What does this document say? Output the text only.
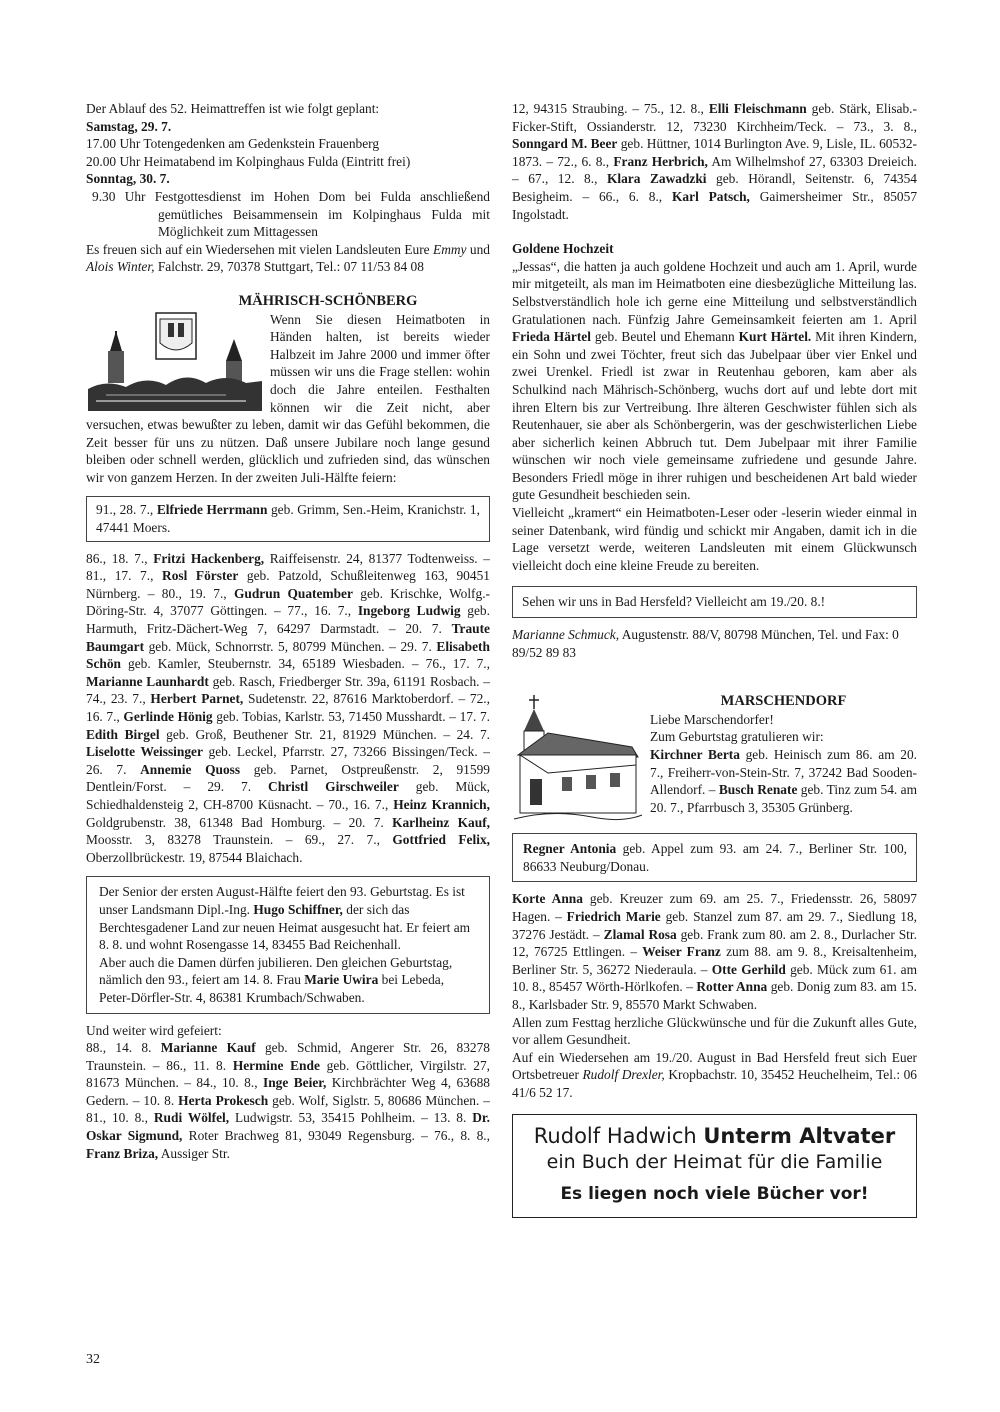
Der Ablauf des 52. Heimattreffen ist wie folgt geplant:

Samstag, 29. 7.

17.00 Uhr Totengedenken am Gedenkstein Frauenberg

20.00 Uhr Heimatabend im Kolpinghaus Fulda (Eintritt frei)

Sonntag, 30. 7.

9.30 Uhr Festgottesdienst im Hohen Dom bei Fulda anschließend gemütliches Beisammensein im Kolpinghaus Fulda mit Möglichkeit zum Mittagessen

Es freuen sich auf ein Wiedersehen mit vielen Landsleuten Eure Emmy und Alois Winter, Falchstr. 29, 70378 Stuttgart, Tel.: 07 11/53 84 08

MÄHRISCH-SCHÖNBERG

Wenn Sie diesen Heimatboten in Händen halten, ist bereits wieder Halbzeit im Jahre 2000 und immer öfter müssen wir uns die Frage stellen: wohin doch die Jahre enteilen. Festhalten können wir die Zeit nicht, aber versuchen, etwas bewußter zu leben, damit wir das Gefühl bekommen, die Zeit besser für uns zu nützen. Daß unsere Jubilare noch lange gesund bleiben oder schnell werden, glücklich und zufrieden sind, das wünschen wir von ganzem Herzen. In der zweiten Juli-Hälfte feiern:

91., 28. 7., Elfriede Herrmann geb. Grimm, Sen.-Heim, Kranichstr. 1, 47441 Moers.

86., 18. 7., Fritzi Hackenberg, Raiffeisenstr. 24, 81377 Todtenweiss. – 81., 17. 7., Rosl Förster geb. Patzold, Schußleitenweg 163, 90451 Nürnberg. – 80., 19. 7., Gudrun Quatember geb. Krischke, Wolfg.-Döring-Str. 4, 37077 Göttingen. – 77., 16. 7., Ingeborg Ludwig geb. Harmuth, Fritz-Dächert-Weg 7, 64297 Darmstadt. – 20. 7. Traute Baumgart geb. Mück, Schnorrstr. 5, 80799 München. – 29. 7. Elisabeth Schön geb. Kamler, Steubernstr. 34, 65189 Wiesbaden. – 76., 17. 7., Marianne Launhardt geb. Rasch, Friedberger Str. 39a, 61191 Rosbach. – 74., 23. 7., Herbert Parnet, Sudetenstr. 22, 87616 Marktoberdorf. – 72., 16. 7., Gerlinde Hönig geb. Tobias, Karlstr. 53, 71450 Musshardt. – 17. 7. Edith Birgel geb. Groß, Beuthener Str. 21, 81929 München. – 24. 7. Liselotte Weissinger geb. Leckel, Pfarrstr. 27, 73266 Bissingen/Teck. – 26. 7. Annemie Quoss geb. Parnet, Ostpreußenstr. 2, 91599 Dentlein/Forst. – 29. 7. Christl Girschweiler geb. Mück, Schiedhaldensteig 2, CH-8700 Küsnacht. – 70., 16. 7., Heinz Krannich, Goldgrubenstr. 38, 61348 Bad Homburg. – 20. 7. Karlheinz Kauf, Moosstr. 3, 83278 Traunstein. – 69., 27. 7., Gottfried Felix, Oberzollbrückestr. 19, 87544 Blaichach.

Der Senior der ersten August-Hälfte feiert den 93. Geburtstag. Es ist unser Landsmann Dipl.-Ing. Hugo Schiffner, der sich das Berchtesgadener Land zur neuen Heimat ausgesucht hat. Er feiert am 8. 8. und wohnt Rosengasse 14, 83455 Bad Reichenhall.

Aber auch die Damen dürfen jubilieren. Den gleichen Geburtstag, nämlich den 93., feiert am 14. 8. Frau Marie Uwira bei Lebeda, Peter-Dörfler-Str. 4, 86381 Krumbach/Schwaben.

Und weiter wird gefeiert:

88., 14. 8. Marianne Kauf geb. Schmid, Angerer Str. 26, 83278 Traunstein. – 86., 11. 8. Hermine Ende geb. Göttlicher, Virgilstr. 27, 81673 München. – 84., 10. 8., Inge Beier, Kirchbrächter Weg 4, 63688 Gedern. – 10. 8. Herta Prokesch geb. Wolf, Siglstr. 5, 80686 München. – 81., 10. 8., Rudi Wölfel, Ludwigstr. 53, 35415 Pohlheim. – 13. 8. Dr. Oskar Sigmund, Roter Brachweg 81, 93049 Regensburg. – 76., 8. 8., Franz Briza, Aussiger Str.

12, 94315 Straubing. – 75., 12. 8., Elli Fleischmann geb. Stärk, Elisab.-Ficker-Stift, Ossianderstr. 12, 73230 Kirchheim/Teck. – 73., 3. 8., Sonngard M. Beer geb. Hüttner, 1014 Burlington Ave. 9, Lisle, IL. 60532-1873. – 72., 6. 8., Franz Herbrich, Am Wilhelmshof 27, 63303 Dreieich. – 67., 12. 8., Klara Zawadzki geb. Hörandl, Seitenstr. 6, 74354 Besigheim. – 66., 6. 8., Karl Patsch, Gaimersheimer Str., 85057 Ingolstadt.

Goldene Hochzeit

„Jessas“, die hatten ja auch goldene Hochzeit und auch am 1. April, wurde mir mitgeteilt, als man im Heimatboten eine diesbezügliche Mitteilung las. Selbstverständlich hole ich gerne eine Mitteilung und selbstverständlich Gratulationen nach. Fünfzig Jahre Gemeinsamkeit feierten am 1. April Frieda Härtel geb. Beutel und Ehemann Kurt Härtel. Mit ihren Kindern, ein Sohn und zwei Töchter, freut sich das Jubelpaar über vier Enkel und zwei Urenkel. Friedl ist zwar in Reutenhau geboren, kam aber als Schulkind nach Mährisch-Schönberg, wuchs dort auf und lebte dort mit ihren Eltern bis zur Vertreibung. Ihre älteren Geschwister fühlen sich als Reutenhauer, sie aber als Schönbergerin, was der geschwisterlichen Liebe aber sicherlich keinen Abbruch tut. Dem Jubelpaar mit ihrer Familie wünschen wir noch viele gemeinsame zufriedene und gesunde Jahre. Besonders Friedl möge in ihrer ruhigen und bescheidenen Art bald wieder gute Gesundheit beschieden sein.

Vielleicht „kramert“ ein Heimatboten-Leser oder -leserin wieder einmal in seiner Datenbank, wird fündig und schickt mir Angaben, damit ich in die Lage versetzt werde, weiteren Landsleuten mit einem Glückwunsch vielleicht doch eine kleine Freude zu bereiten.

Sehen wir uns in Bad Hersfeld? Vielleicht am 19./20. 8.!

Marianne Schmuck, Augustenstr. 88/V, 80798 München, Tel. und Fax: 0 89/52 89 83

MARSCHENDORF

Liebe Marschendorfer!

Zum Geburtstag gratulieren wir:

Kirchner Berta geb. Heinisch zum 86. am 20. 7., Freiherr-von-Stein-Str. 7, 37242 Bad Sooden-Allendorf. – Busch Renate geb. Tinz zum 54. am 20. 7., Pfarrbusch 3, 35305 Grünberg.

Regner Antonia geb. Appel zum 93. am 24. 7., Berliner Str. 100, 86633 Neuburg/Donau.

Korte Anna geb. Kreuzer zum 69. am 25. 7., Friedensstr. 26, 58097 Hagen. – Friedrich Marie geb. Stanzel zum 87. am 29. 7., Siedlung 18, 37276 Jestädt. – Zlamal Rosa geb. Frank zum 80. am 2. 8., Durlacher Str. 12, 76725 Ettlingen. – Weiser Franz zum 88. am 9. 8., Kreisaltenheim, Berliner Str. 5, 36272 Niederaula. – Otte Gerhild geb. Mück zum 61. am 10. 8., 85457 Wörth-Hörlkofen. – Rotter Anna geb. Donig zum 83. am 15. 8., Karlsbader Str. 9, 85570 Markt Schwaben.

Allen zum Festtag herzliche Glückwünsche und für die Zukunft alles Gute, vor allem Gesundheit.

Auf ein Wiedersehen am 19./20. August in Bad Hersfeld freut sich Euer Ortsbetreuer Rudolf Drexler, Kropbachstr. 10, 35452 Heuchelheim, Tel.: 06 41/6 52 17.

Rudolf Hadwich Unterm Altvater
ein Buch der Heimat für die Familie
Es liegen noch viele Bücher vor!
32
